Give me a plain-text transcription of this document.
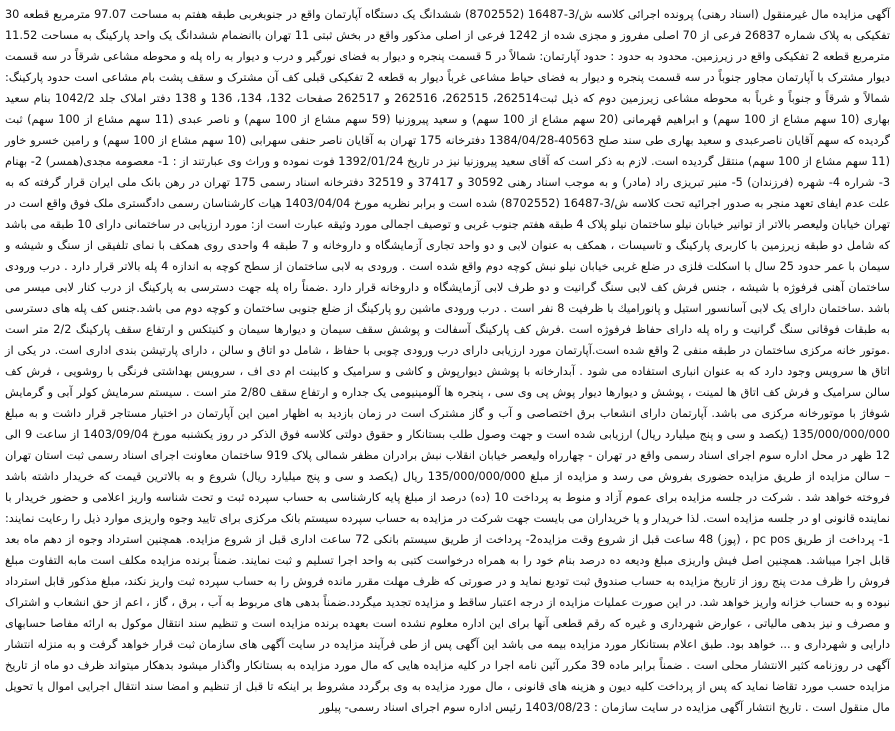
آگهی مزایده مال غیرمنقول (اسناد رهنی) پرونده اجرائی کلاسه ش/3-16487 (8702552) ششدانگ یک دستگاه آپارتمان واقع در جنوبغربی طبقه هفتم به مساحت 97.07 مترمربع قطعه 30 تفکیکی به پلاک شماره 26837 فرعی از 70 اصلی مفروز و مجزی شده از 1242 فرعی از اصلی مذکور واقع در بخش ثبتی 11 تهران باانضمام ششدانگ یک واحد پارکینگ به مساحت 11.52 مترمربع قطعه 2 تفکیکی واقع در زیرزمین. محدود به حدود : حدود آپارتمان: شمالاً در 5 قسمت پنجره و دیوار به فضای نورگیر و درب و دیوار به راه پله و محوطه مشاعی شرقاً در سه قسمت دیوار مشترک با آپارتمان مجاور جنوباً در سه قسمت پنجره و دیوار به فضای حیاط مشاعی غرباً دیوار به قطعه 2 تفکیکی قبلی کف آن مشترک و سقف پشت بام مشاعی است حدود پارکینگ: شمالاً و شرقاً و جنوباً و غرباً به محوطه مشاعی زیرزمین دوم که ذیل ثبت262514، 262515، 262516 و 262517 صفحات 132، 134، 136 و 138 دفتر املاک جلد 1042/2 بنام سعید بهاری (10 سهم مشاع از 100 سهم) و ابراهیم قهرمانی (20 سهم مشاع از 100 سهم) و سعید پیروزنیا (59 سهم مشاع از 100 سهم) و ناصر عبدی (11 سهم مشاع از 100 سهم) ثبت گردیده که سهم آقایان ناصرعبدی و سعید بهاری طی سند صلح 40563-1384/04/28 دفترخانه 175 تهران به آقایان ناصر حنفی سهرابی (10 سهم مشاع از 100 سهم) و رامین خسرو خاور (11 سهم مشاع از 100 سهم) منتقل گردیده است. لازم به ذکر است که آقای سعید پیروزنیا نیز در تاریخ 1392/01/24 فوت نموده و وراث وی عبارتند از : 1- معصومه مجدی(همسر) 2- بهنام 3- شراره 4- شهره (فرزندان) 5- منیر تبریزی راد (مادر) و به موجب اسناد رهنی 30592 و 37417 و 32519 دفترخانه اسناد رسمی 175 تهران در رهن بانک ملی ایران قرار گرفته که به علت عدم ایفای تعهد منجر به صدور اجرائیه تحت کلاسه ش/3-16487 (8702552) شده است و برابر نظریه مورخ 1403/04/04 هیات کارشناسان رسمی دادگستری ملک فوق واقع است در تهران خیابان ولیعصر بالاتر از توانیر خیابان نیلو ساختمان نیلو پلاک 4 طبقه هفتم جنوب غربی و توصیف اجمالی مورد وثیقه عبارت است از: مورد ارزیابی در ساختمانی دارای 10 طبقه می باشد که شامل دو طبقه زیرزمین با کاربری پارکینگ و تاسیسات ، همکف به عنوان لابی و دو واحد تجاری آزمایشگاه و داروخانه و 7 طبقه 4 واحدی روی همکف با نمای تلفیقی از سنگ و شیشه و سیمان با عمر حدود 25 سال با اسکلت فلزی در ضلع غربی خیابان نیلو نبش کوچه دوم واقع شده است . ورودی به لابی ساختمان از سطح کوچه به اندازه 4 پله بالاتر قرار دارد . درب ورودی ساختمان آهنی فرفوژه با شیشه ، جنس فرش کف لابی سنگ گرانیت و دو طرف لابی آزمایشگاه و داروخانه قرار دارد .ضمناً راه پله جهت دسترسی به پارکینگ از درب کنار لابی میسر می باشد .ساختمان دارای یک لابی آسانسور استیل و پانوراميك با ظرفیت 8 نفر است . درب ورودی ماشین رو پارکینگ از ضلع جنوبی ساختمان و کوچه دوم می باشد.جنس کف پله های دسترسی به طبقات فوقانی سنگ گرانیت و راه پله دارای حفاظ فرفوژه است .فرش کف پارکینگ آسفالت و پوشش سقف سیمان و دیوارها سیمان و کنیتکس و ارتفاع سقف پارکینگ 2/2 متر است .موتور خانه مرکزی ساختمان در طبقه منفی 2 واقع شده است.آپارتمان مورد ارزیابی دارای درب ورودی چوبی با حفاظ ، شامل دو اتاق و سالن ، دارای پارتیشن بندی اداری است. در یکی از اتاق ها سرویس وجود دارد که به عنوان انباری استفاده می شود . آبدارخانه با پوشش دیوارپوش و کاشی و سرامیک و کابینت ام دی اف ، سرویس بهداشتی فرنگی با روشویی ، فرش کف سالن سرامیک و فرش کف اتاق ها لمینت ، پوشش و دیوارها دیوار پوش پی وی سی ، پنجره ها آلومینیومی یک جداره و ارتفاع سقف 2/80 متر است . سیستم سرمایش کولر آبی و گرمایش شوفاژ با موتورخانه مرکزی می باشد. آپارتمان دارای انشعاب برق اختصاصی و آب و گاز مشترک است در زمان بازدید به اظهار امین این آپارتمان در اختیار مستاجر قرار داشت و به مبلغ 135/000/000/000 (یکصد و سی و پنج میلیارد ریال) ارزیابی شده است و جهت وصول طلب بستانکار و حقوق دولتی کلاسه فوق الذکر در روز یکشنبه مورخ 1403/09/04 از ساعت 9 الی 12 ظهر در محل اداره سوم اجرای اسناد رسمی واقع در تهران - چهارراه ولیعصر خیابان انقلاب نبش برادران مظفر شمالی پلاک 919 ساختمان معاونت اجرای اسناد رسمی ثبت استان تهران – سالن مزایده از طریق مزایده حضوری بفروش می رسد و مزایده از مبلغ 135/000/000/000 ریال (یکصد و سی و پنج میلیارد ریال) شروع و به بالاترین قیمت که خریدار داشته باشد فروخته خواهد شد . شرکت در جلسه مزایده برای عموم آزاد و منوط به پرداخت 10 (ده) درصد از مبلغ پایه کارشناسی به حساب سپرده ثبت و تحت شناسه واریز اعلامی و حضور خریدار با نماینده قانونی او در جلسه مزایده است. لذا خریدار و یا خریداران می بایست جهت شرکت در مزایده به حساب سپرده سیستم بانک مرکزی برای تایید وجوه واریزی موارد ذیل را رعایت نمایند: 1- پرداخت از طریق pc pos ، (پوز) 48 ساعت قبل از شروع وقت مزایده2- پرداخت از طریق سیستم بانکی 72 ساعت اداری قبل از شروع مزایده. همچنین استرداد وجوه از دهم ماه بعد قابل اجرا میباشد. همچنین اصل فیش واریزی مبلغ ودیعه ده درصد بنام خود را به همراه درخواست کتبی به واحد اجرا تسلیم و ثبت نمایند. ضمناً برنده مزایده مکلف است مابه التفاوت مبلغ فروش را ظرف مدت پنج روز از تاریخ مزایده به حساب صندوق ثبت تودیع نماید و در صورتی که ظرف مهلت مقرر مانده فروش را به حساب سپرده ثبت واریز نکند، مبلغ مذکور قابل استرداد نبوده و به حساب خزانه واریز خواهد شد. در این صورت عملیات مزایده از درجه اعتبار ساقط و مزایده تجدید میگردد.ضمناً بدهی های مربوط به آب ، برق ، گاز ، اعم از حق انشعاب و اشتراک و مصرف و نیز بدهی مالیاتی ، عوارض شهرداری و غیره که رقم قطعی آنها برای این اداره معلوم نشده است بعهده برنده مزایده است و تنظیم سند انتقال موکول به ارائه مفاصا حسابهای دارایی و شهرداری و ... خواهد بود. طبق اعلام بستانکار مورد مزایده بیمه می باشد این آگهی پس از طی فرآیند مزایده در سایت آگهی های سازمان ثبت قرار خواهد گرفت و به منزله انتشار آگهی در روزنامه کثیر الانتشار محلی است . ضمناً برابر ماده 39 مکرر آئین نامه اجرا در کلیه مزایده هایی که مال مورد مزایده به بستانکار واگذار میشود بدهکار میتواند ظرف دو ماه از تاریخ مزایده حسب مورد تقاضا نماید که پس از پرداخت کلیه دیون و هزینه های قانونی ، مال مورد مزایده به وی برگردد مشروط بر اینکه تا قبل از تنظیم و امضا سند انتقال اجرایی اموال یا تحویل مال منقول است . تاریخ انتشار آگهی مزایده در سایت سازمان : 1403/08/23 رئیس اداره سوم اجرای اسناد رسمی- پیلور
